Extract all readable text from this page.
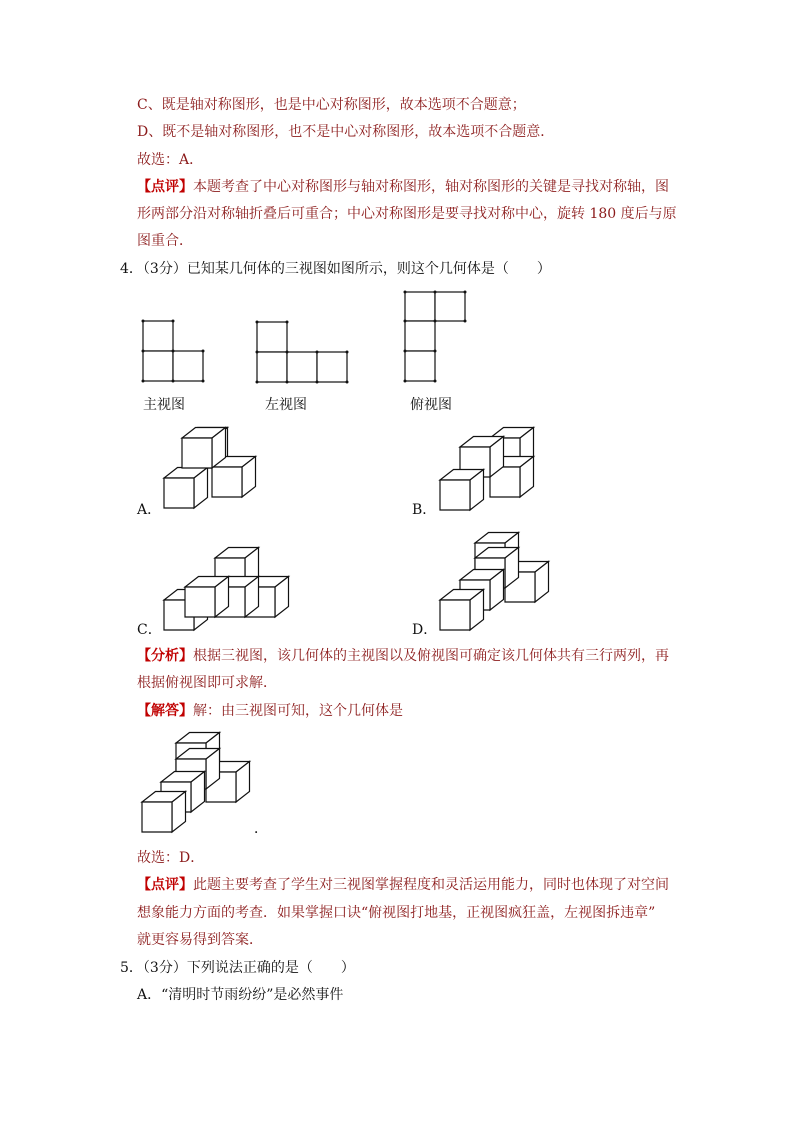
C、既是轴对称图形，也是中心对称图形，故本选项不合题意；
D、既不是轴对称图形，也不是中心对称图形，故本选项不合题意．
故选：A．
【点评】本题考查了中心对称图形与轴对称图形，轴对称图形的关键是寻找对称轴，图
形两部分沿对称轴折叠后可重合；中心对称图形是要寻找对称中心，旋转 180 度后与原
图重合．
4．（3分）已知某几何体的三视图如图所示，则这个几何体是（　　）
主视图	左视图	俯视图
A．	B．
C．	D．
【分析】根据三视图，该几何体的主视图以及俯视图可确定该几何体共有三行两列，再
根据俯视图即可求解．
【解答】解：由三视图可知，这个几何体是
．
故选：D．
【点评】此题主要考查了学生对三视图掌握程度和灵活运用能力，同时也体现了对空间
想象能力方面的考查．如果掌握口诀“俯视图打地基，正视图疯狂盖，左视图拆违章”
就更容易得到答案．
5．（3分）下列说法正确的是（　　）
A．“清明时节雨纷纷”是必然事件
